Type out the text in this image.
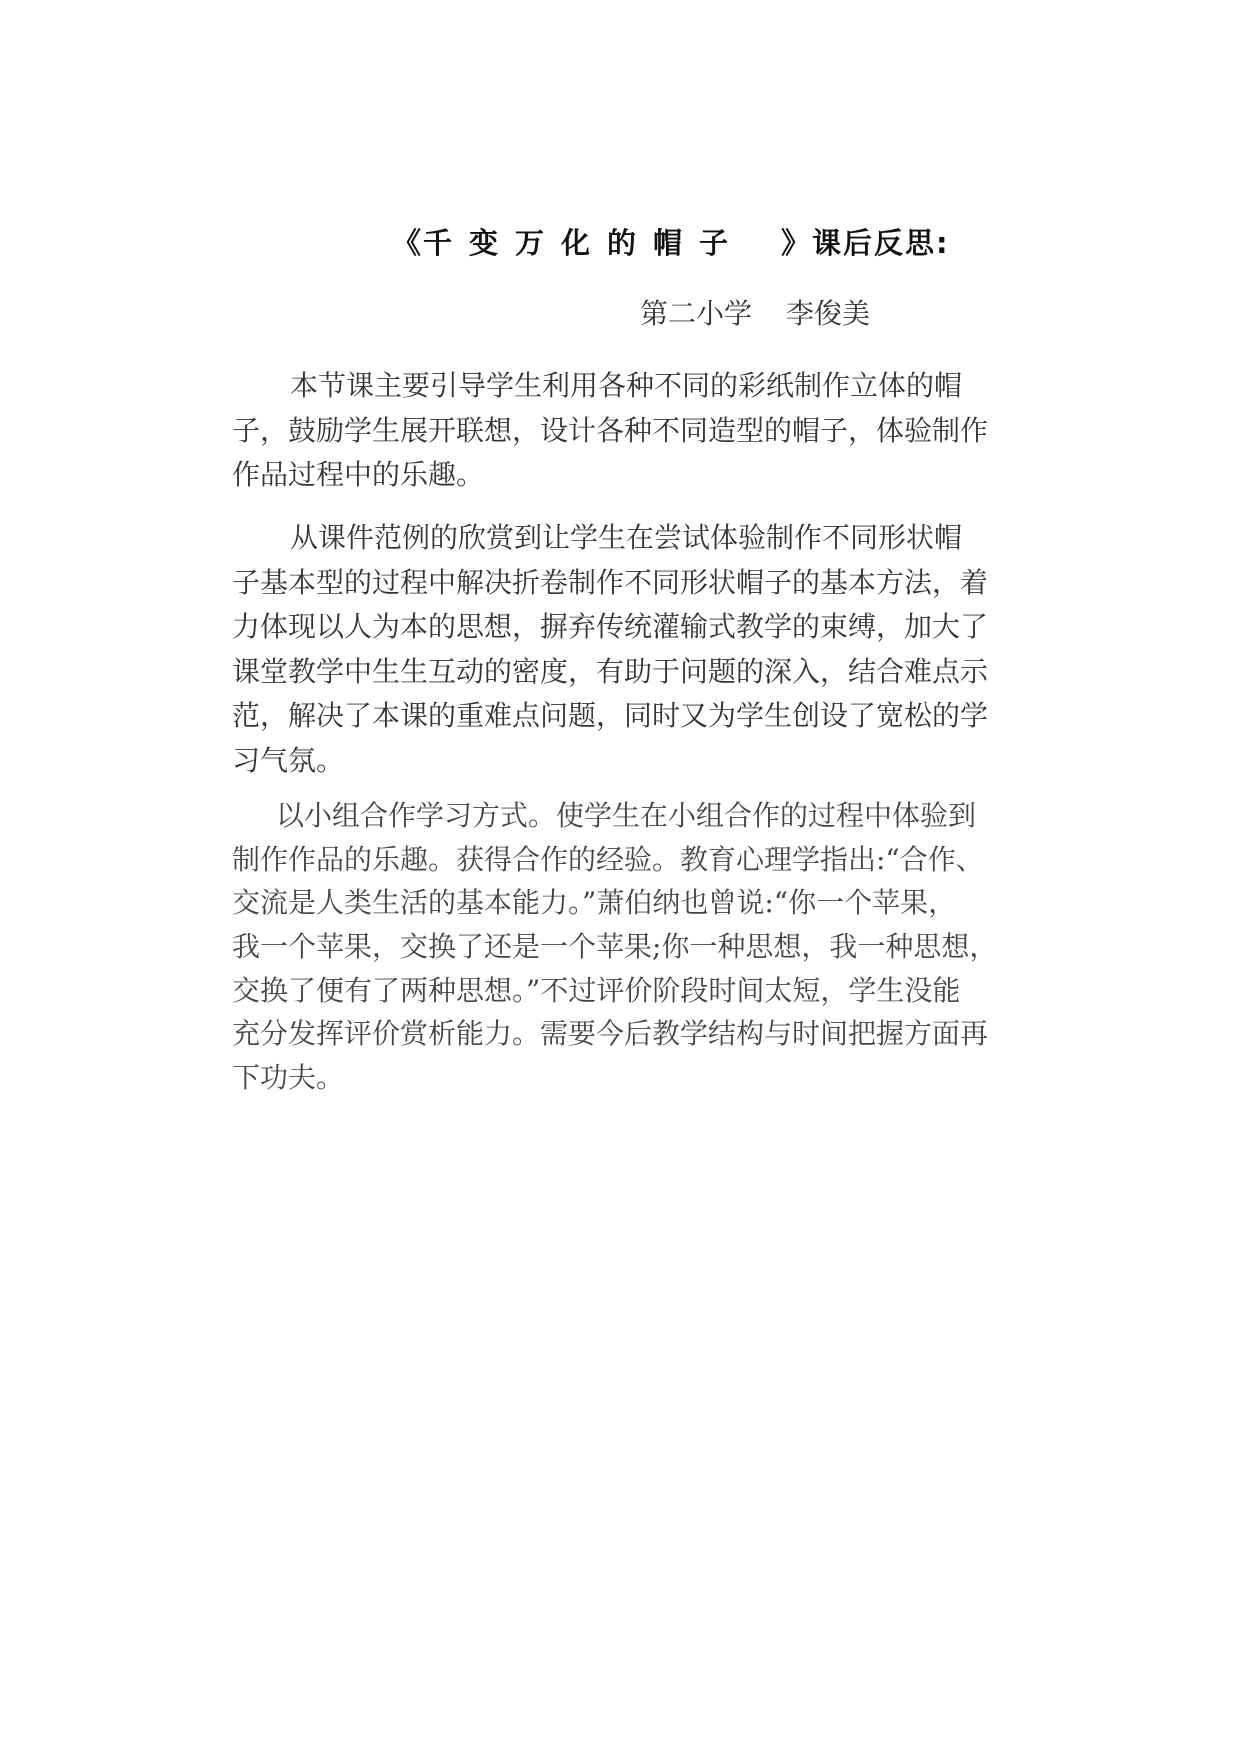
《千变万化的帽子 》课后反思:
第二小学 李俊美
本节课主要引导学生利用各种不同的彩纸制作立体的帽
子，鼓励学生展开联想，设计各种不同造型的帽子，体验制作
作品过程中的乐趣。
从课件范例的欣赏到让学生在尝试体验制作不同形状帽
子基本型的过程中解决折卷制作不同形状帽子的基本方法，着
力体现以人为本的思想，摒弃传统灌输式教学的束缚，加大了
课堂教学中生生互动的密度，有助于问题的深入，结合难点示
范，解决了本课的重难点问题，同时又为学生创设了宽松的学
习气氛。
以小组合作学习方式。使学生在小组合作的过程中体验到
制作作品的乐趣。获得合作的经验。教育心理学指出:“合作、
交流是人类生活的基本能力。”萧伯纳也曾说:“你一个苹果，
我一个苹果，交换了还是一个苹果;你一种思想，我一种思想，
交换了便有了两种思想。”不过评价阶段时间太短，学生没能
充分发挥评价赏析能力。需要今后教学结构与时间把握方面再
下功夫。
